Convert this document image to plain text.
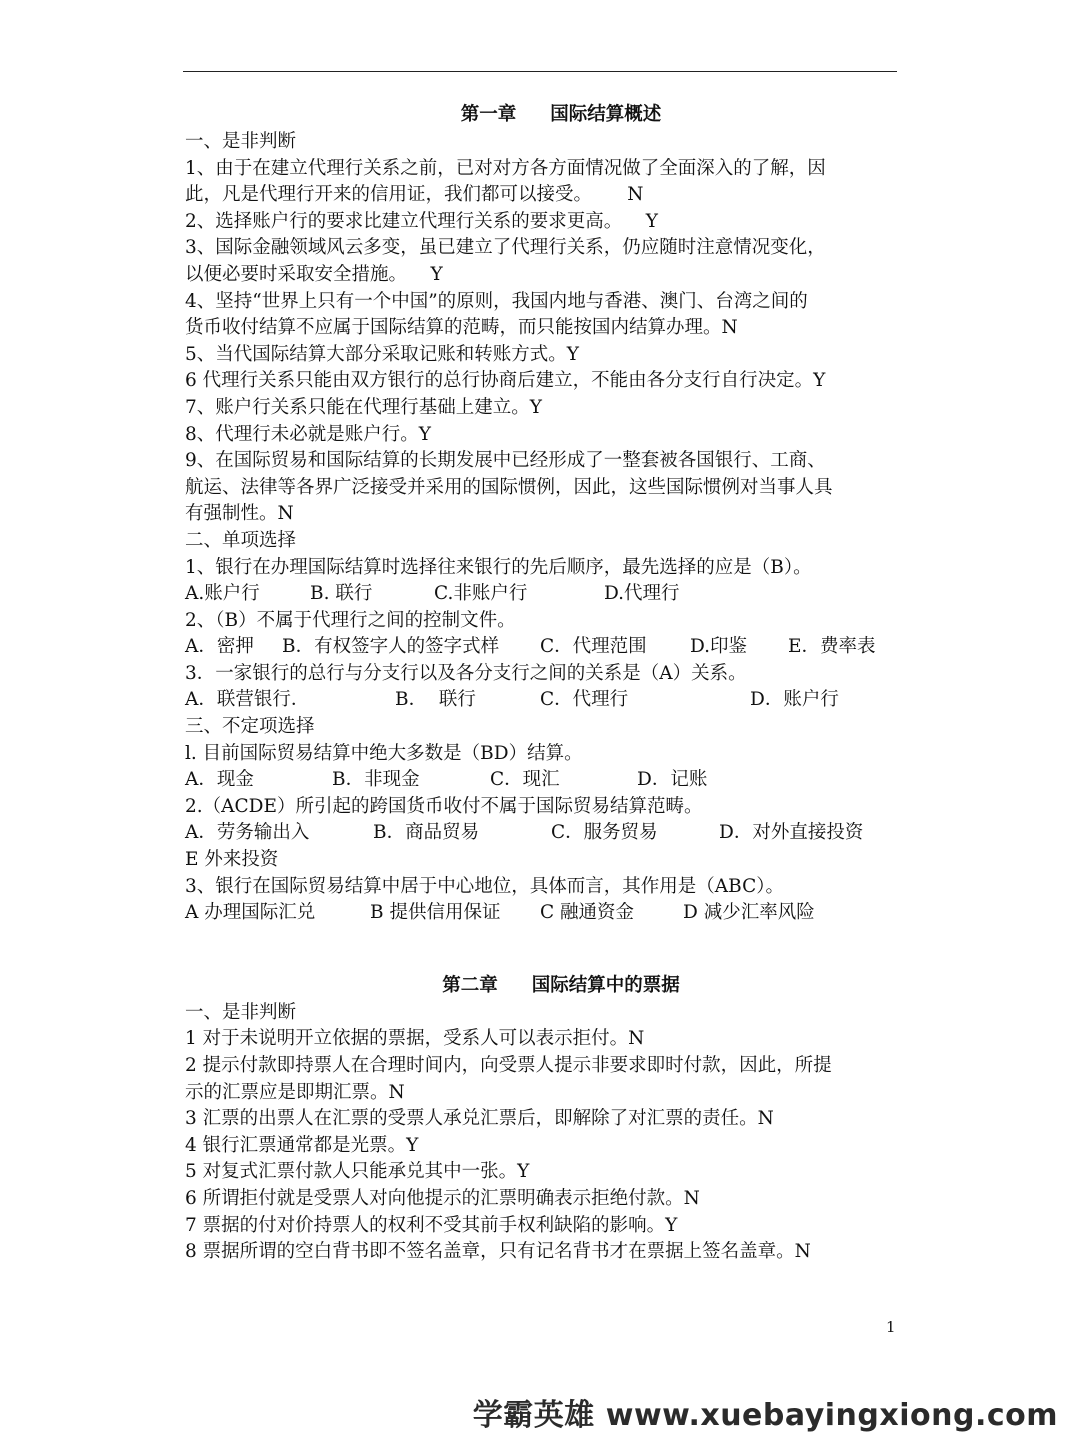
第一章 国际结算概述
一、是非判断
1、由于在建立代理行关系之前，已对对方各方面情况做了全面深入的了解，因
此，凡是代理行开来的信用证，我们都可以接受。      N
2、选择账户行的要求比建立代理行关系的要求更高。    Y
3、国际金融领域风云多变，虽已建立了代理行关系，仍应随时注意情况变化，
以便必要时采取安全措施。    Y
4、坚持“世界上只有一个中国”的原则，我国内地与香港、澳门、台湾之间的
货币收付结算不应属于国际结算的范畴，而只能按国内结算办理。N
5、当代国际结算大部分采取记账和转账方式。Y
6 代理行关系只能由双方银行的总行协商后建立，不能由各分支行自行决定。Y
7、账户行关系只能在代理行基础上建立。Y
8、代理行未必就是账户行。Y
9、在国际贸易和国际结算的长期发展中已经形成了一整套被各国银行、工商、
航运、法律等各界广泛接受并采用的国际惯例，因此，这些国际惯例对当事人具
有强制性。N
二、单项选择
1、银行在办理国际结算时选择往来银行的先后顺序，最先选择的应是（B）。
A.账户行	B. 联行	C.非账户行	D.代理行
2、（B）不属于代理行之间的控制文件。
A．密押	B．有权签字人的签字式样	C．代理范围	D.印鉴	E．费率表
3．一家银行的总行与分支行以及各分支行之间的关系是（A）关系。
A．联营银行．	B．  联行	C．代理行	D．账户行
三、不定项选择
l. 目前国际贸易结算中绝大多数是（BD）结算。
A．现金	B．非现金	C．现汇	D．记账
2.（ACDE）所引起的跨国货币收付不属于国际贸易结算范畴。
A．劳务输出入	B．商品贸易	C．服务贸易	D．对外直接投资
E 外来投资
3、银行在国际贸易结算中居于中心地位，具体而言，其作用是（ABC）。
A 办理国际汇兑	B 提供信用保证	C 融通资金	D 减少汇率风险
第二章 国际结算中的票据
一、是非判断
1 对于未说明开立依据的票据，受系人可以表示拒付。N
2 提示付款即持票人在合理时间内，向受票人提示非要求即时付款，因此，所提
示的汇票应是即期汇票。N
3 汇票的出票人在汇票的受票人承兑汇票后，即解除了对汇票的责任。N
4 银行汇票通常都是光票。Y
5 对复式汇票付款人只能承兑其中一张。Y
6 所谓拒付就是受票人对向他提示的汇票明确表示拒绝付款。N
7 票据的付对价持票人的权利不受其前手权利缺陷的影响。Y
8 票据所谓的空白背书即不签名盖章，只有记名背书才在票据上签名盖章。N
1
学霸英雄 www.xuebayingxiong.com
